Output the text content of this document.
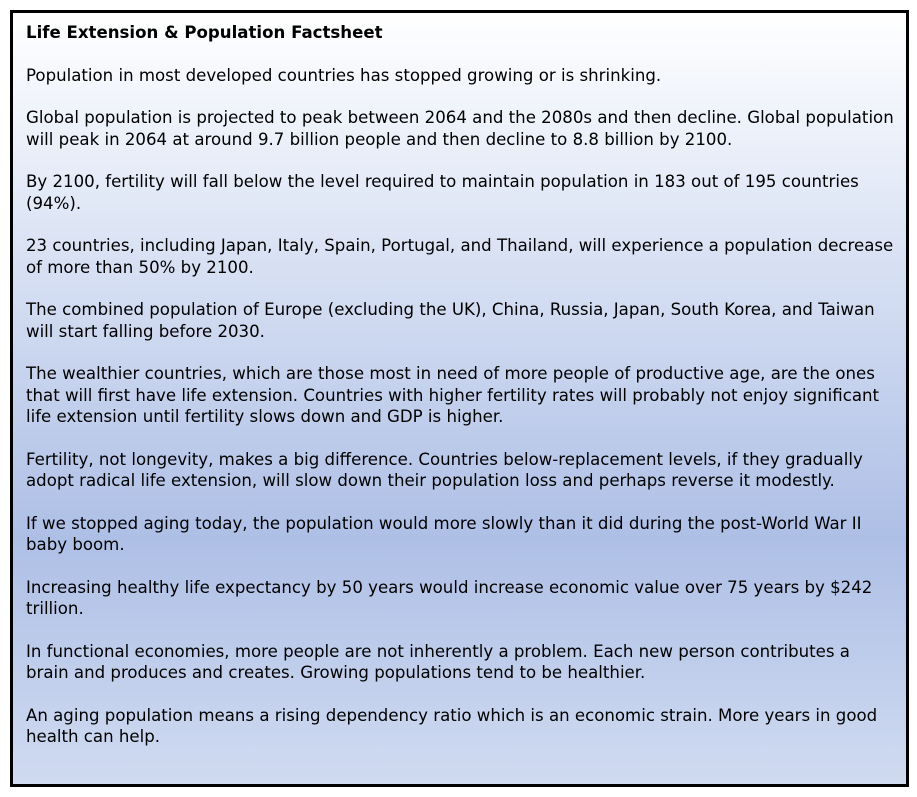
Life Extension & Population Factsheet
Population in most developed countries has stopped growing or is shrinking.
Global population is projected to peak between 2064 and the 2080s and then decline. Global population will peak in 2064 at around 9.7 billion people and then decline to 8.8 billion by 2100.
By 2100, fertility will fall below the level required to maintain population in 183 out of 195 countries (94%).
23 countries, including Japan, Italy, Spain, Portugal, and Thailand, will experience a population decrease of more than 50% by 2100.
The combined population of Europe (excluding the UK), China, Russia, Japan, South Korea, and Taiwan will start falling before 2030.
The wealthier countries, which are those most in need of more people of productive age, are the ones that will first have life extension. Countries with higher fertility rates will probably not enjoy significant life extension until fertility slows down and GDP is higher.
Fertility, not longevity, makes a big difference. Countries below-replacement levels, if they gradually adopt radical life extension, will slow down their population loss and perhaps reverse it modestly.
If we stopped aging today, the population would more slowly than it did during the post-World War II baby boom.
Increasing healthy life expectancy by 50 years would increase economic value over 75 years by $242 trillion.
In functional economies, more people are not inherently a problem. Each new person contributes a brain and produces and creates. Growing populations tend to be healthier.
An aging population means a rising dependency ratio which is an economic strain. More years in good health can help.
